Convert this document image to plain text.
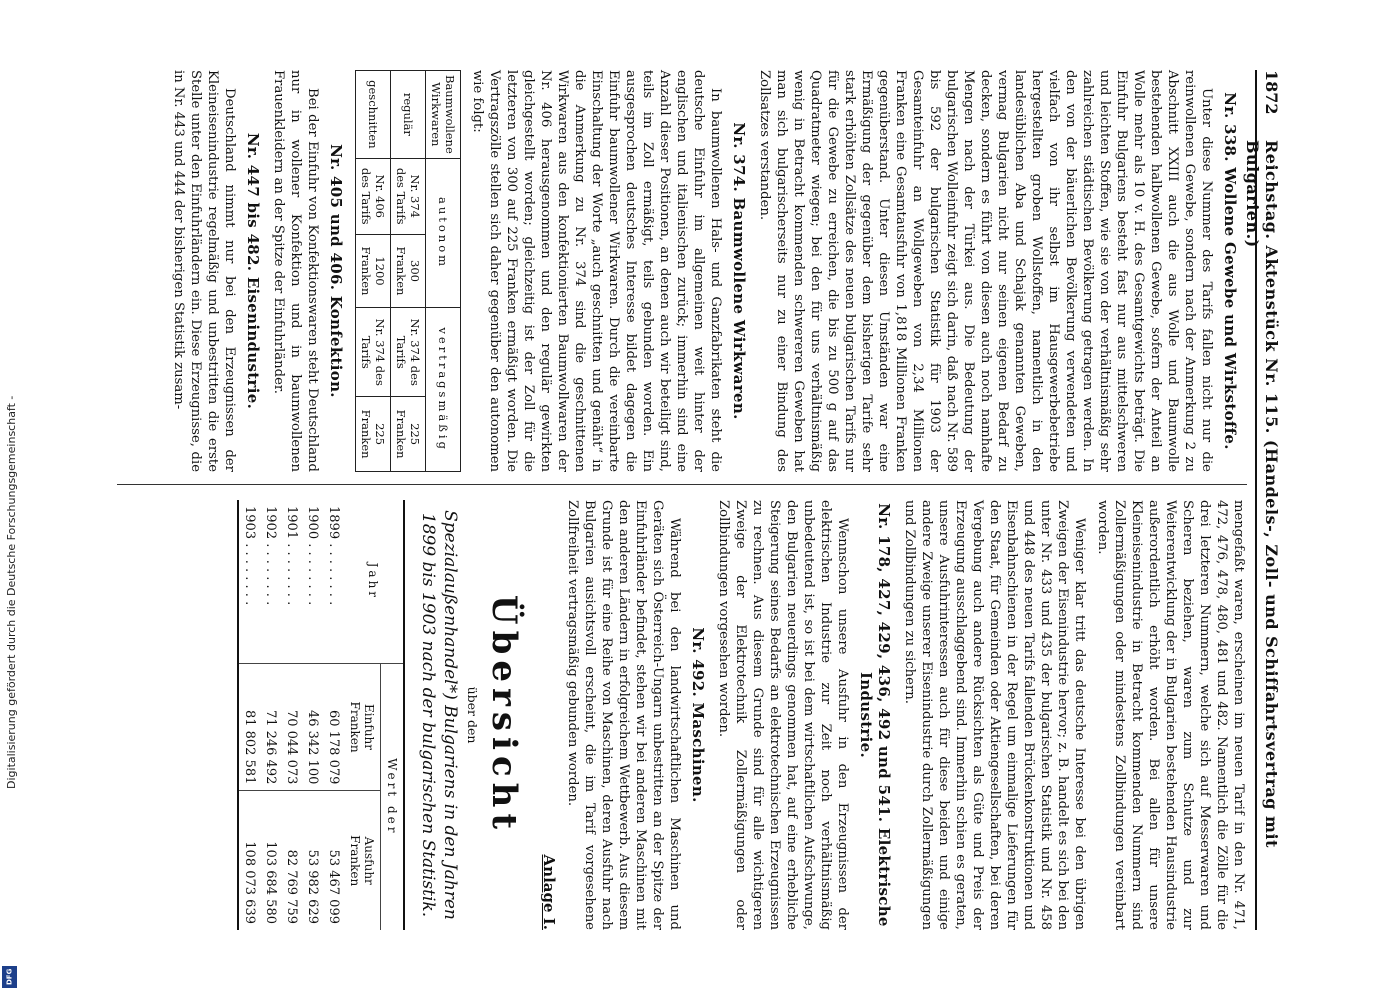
Digitalisierung gefördert durch die Deutsche Forschungsgemeinschaft -
DFG
1872
Reichstag. Aktenstück Nr. 115. (Handels-, Zoll- und Schiffahrtsvertrag mit Bulgarien.)
Nr. 338. Wollene Gewebe und Wirkstoffe.

Unter diese Nummer des Tarifs fallen nicht nur die reinwollenen Gewebe, sondern nach der Anmerkung 2 zu Abschnitt XXIII auch die aus Wolle und Baumwolle bestehenden halbwollenen Gewebe, sofern der Anteil an Wolle mehr als 10 v. H. des Gesamtgewichts beträgt. Die Einfuhr Bulgariens besteht fast nur aus mittelschweren und leichten Stoffen, wie sie von der verhältnismäßig sehr zahlreichen städtischen Bevölkerung getragen werden. In den von der bäuerlichen Bevölkerung verwendeten und vielfach von ihr selbst im Hausgewerbebetriebe hergestellten groben Wollstoffen, namentlich in den landesüblichen Aba und Schajak genannten Geweben, vermag Bulgarien nicht nur seinen eigenen Bedarf zu decken, sondern es führt von diesen auch noch namhafte Mengen nach der Türkei aus. Die Bedeutung der bulgarischen Wolleinfuhr zeigt sich darin, daß nach Nr. 589 bis 592 der bulgarischen Statistik für 1903 der Gesamteinfuhr an Wollgeweben von 2,34 Millionen Franken eine Gesamtausfuhr von 1,818 Millionen Franken gegenüberstand. Unter diesen Umständen war eine Ermäßigung der gegenüber dem bisherigen Tarife sehr stark erhöhten Zollsätze des neuen bulgarischen Tarifs nur für die Gewebe zu erreichen, die bis zu 500 g auf das Quadratmeter wiegen; bei den für uns verhältnismäßig wenig in Betracht kommenden schwereren Geweben hat man sich bulgarischerseits nur zu einer Bindung des Zollsatzes verstanden.

Nr. 374. Baumwollene Wirkwaren.

In baumwollenen Hals- und Ganzfabrikaten steht die deutsche Einfuhr im allgemeinen weit hinter der englischen und italienischen zurück; immerhin sind eine Anzahl dieser Positionen, an denen auch wir beteiligt sind, teils im Zoll ermäßigt, teils gebunden worden. Ein ausgesprochen deutsches Interesse bildet dagegen die Einfuhr baumwollener Wirkwaren. Durch die vereinbarte Einschaltung der Worte „auch geschnitten und genäht“ in die Anmerkung zu Nr. 374 sind die geschnittenen Wirkwaren aus den konfektionierten Baumwollwaren der Nr. 406 herausgenommen und den regulär gewirkten gleichgestellt worden; gleichzeitig ist der Zoll für die letzteren von 300 auf 225 Franken ermäßigt worden. Die Vertragszölle stellen sich daher gegenüber den autonomen wie folgt:

Baumwollene Wirkwaren	autonom		vertragsmäßig	
regulär	Nr. 374 des Tarifs	300 Franken	Nr. 374 des Tarifs	225 Franken
geschnitten	Nr. 406 des Tarifs	1200 Franken	Nr. 374 des Tarifs	225 Franken
Nr. 405 und 406. Konfektion.

Bei der Einfuhr von Konfektionswaren steht Deutschland nur in wollener Konfektion und in baumwollenen Frauenkleidern an der Spitze der Einfuhrländer.

Nr. 447 bis 482. Eisenindustrie.

Deutschland nimmt nur bei den Erzeugnissen der Kleineisenindustrie regelmäßig und unbestritten die erste Stelle unter den Einfuhrländern ein. Diese Erzeugnisse, die in Nr. 443 und 444 der bisherigen Statistik zusam-

mengefaßt waren, erscheinen im neuen Tarif in den Nr. 471, 472, 476, 478, 480, 481 und 482. Namentlich die Zölle für die drei letzteren Nummern, welche sich auf Messerwaren und Scheren beziehen, waren zum Schutze und zur Weiterentwicklung der in Bulgarien bestehenden Hausindustrie außerordentlich erhöht worden. Bei allen für unsere Kleineisenindustrie in Betracht kommenden Nummern sind Zollermäßigungen oder mindestens Zollbindungen vereinbart worden.

Weniger klar tritt das deutsche Interesse bei den übrigen Zweigen der Eisenindustrie hervor; z. B. handelt es sich bei den unter Nr. 433 und 435 der bulgarischen Statistik und Nr. 458 und 448 des neuen Tarifs fallenden Brückenkonstruktionen und Eisenbahnschienen in der Regel um einmalige Lieferungen für den Staat, für Gemeinden oder Aktiengesellschaften, bei deren Vergebung auch andere Rücksichten als Güte und Preis der Erzeugung ausschlaggebend sind. Immerhin schien es geraten, unsere Ausfuhrinteressen auch für diese beiden und einige andere Zweige unserer Eisenindustrie durch Zollermäßigungen und Zollbindungen zu sichern.

Nr. 178, 427, 429, 436, 492 und 541. Elektrische Industrie.

Wennschon unsere Ausfuhr in den Erzeugnissen der elektrischen Industrie zur Zeit noch verhältnismäßig unbedeutend ist, so ist bei dem wirtschaftlichen Aufschwunge, den Bulgarien neuerdings genommen hat, auf eine erhebliche Steigerung seines Bedarfs an elektrotechnischen Erzeugnissen zu rechnen. Aus diesem Grunde sind für alle wichtigeren Zweige der Elektrotechnik Zollermäßigungen oder Zollbindungen vorgesehen worden.

Nr. 492. Maschinen.

Während bei den landwirtschaftlichen Maschinen und Geräten sich Österreich-Ungarn unbestritten an der Spitze der Einfuhrländer befindet, stehen wir bei anderen Maschinen mit den anderen Ländern in erfolgreichem Wettbewerb. Aus diesem Grunde ist für eine Reihe von Maschinen, deren Ausfuhr nach Bulgarien ausichtsvoll erscheint, die im Tarif vorgesehene Zollfreiheit vertragsmäßig gebunden worden.

Anlage I.
Übersicht
über den
Spezialaußenhandel*) Bulgariens in den Jahren 1899 bis 1903 nach der bulgarischen Statistik.
Jahr	Wert der	
	Einfuhr
Franken	Ausfuhr
Franken
1899 . . . . . . . .	60 178 079	53 467 099
1900 . . . . . . . .	46 342 100	53 982 629
1901 . . . . . . . .	70 044 073	82 769 759
1902 . . . . . . . .	71 246 492	103 684 580
1903 . . . . . . . .	81 802 581	108 073 639
